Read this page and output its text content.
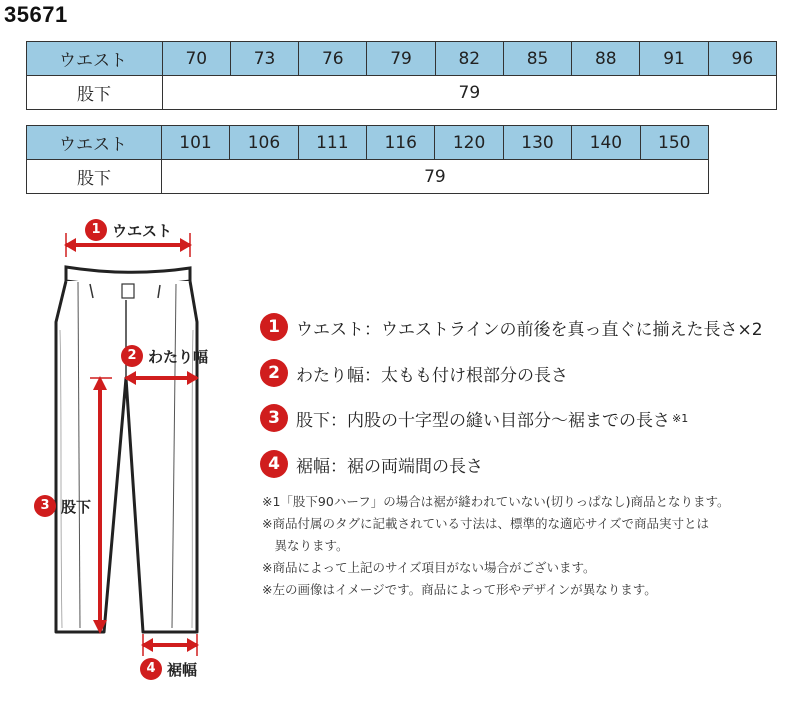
35671
ウエスト	70	73	76	79	82	85	88	91	96
股下	79								
ウエスト	101	106	111	116	120	130	140	150
股下	79							
1 ウエスト
2 わたり幅
3 股下
4 裾幅
1 ウエスト：ウエストラインの前後を真っ直ぐに揃えた長さ×2
2 わたり幅：太もも付け根部分の長さ
3 股下：内股の十字型の縫い目部分～裾までの長さ ※1
4 裾幅：裾の両端間の長さ
※1「股下90ハーフ」の場合は裾が縫われていない(切りっぱなし)商品となります。
※商品付属のタグに記載されている寸法は、標準的な適応サイズで商品実寸とは
　異なります。
※商品によって上記のサイズ項目がない場合がございます。
※左の画像はイメージです。商品によって形やデザインが異なります。
